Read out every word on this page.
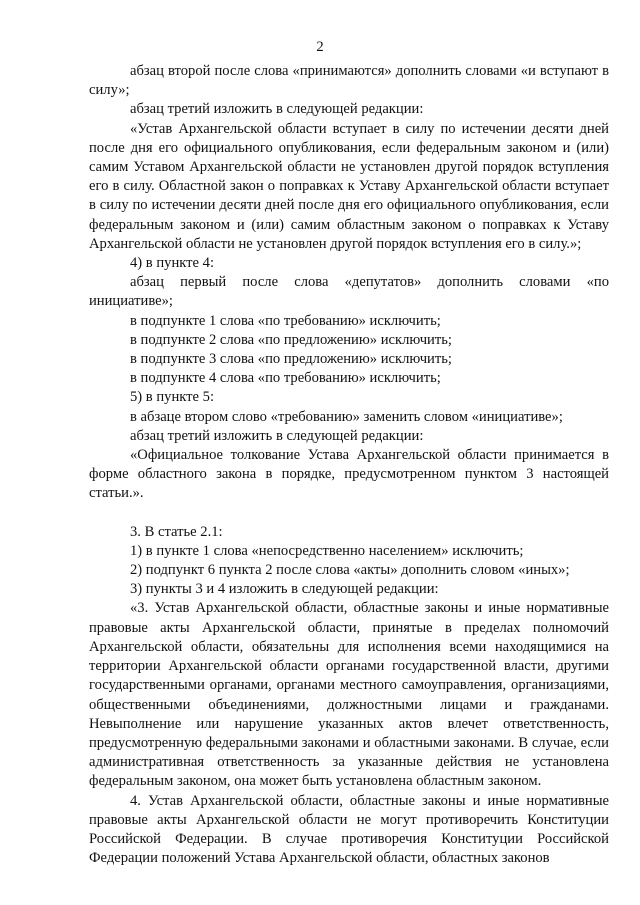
2

абзац второй после слова «принимаются» дополнить словами «и вступают в силу»;

абзац третий изложить в следующей редакции:

«Устав Архангельской области вступает в силу по истечении десяти дней после дня его официального опубликования, если федеральным законом и (или) самим Уставом Архангельской области не установлен другой порядок вступления его в силу. Областной закон о поправках к Уставу Архангельской области вступает в силу по истечении десяти дней после дня его официального опубликования, если федеральным законом и (или) самим областным законом о поправках к Уставу Архангельской области не установлен другой порядок вступления его в силу.»;

4) в пункте 4:

абзац первый после слова «депутатов» дополнить словами «по инициативе»;

в подпункте 1 слова «по требованию» исключить;

в подпункте 2 слова «по предложению» исключить;

в подпункте 3 слова «по предложению» исключить;

в подпункте 4 слова «по требованию» исключить;

5) в пункте 5:

в абзаце втором слово «требованию» заменить словом «инициативе»;

абзац третий изложить в следующей редакции:

«Официальное толкование Устава Архангельской области принимается в форме областного закона в порядке, предусмотренном пунктом 3 настоящей статьи.».

3. В статье 2.1:

1) в пункте 1 слова «непосредственно населением» исключить;

2) подпункт 6 пункта 2 после слова «акты» дополнить словом «иных»;

3) пункты 3 и 4 изложить в следующей редакции:

«3. Устав Архангельской области, областные законы и иные нормативные правовые акты Архангельской области, принятые в пределах полномочий Архангельской области, обязательны для исполнения всеми находящимися на территории Архангельской области органами государственной власти, другими государственными органами, органами местного самоуправления, организациями, общественными объединениями, должностными лицами и гражданами. Невыполнение или нарушение указанных актов влечет ответственность, предусмотренную федеральными законами и областными законами. В случае, если административная ответственность за указанные действия не установлена федеральным законом, она может быть установлена областным законом.

4. Устав Архангельской области, областные законы и иные нормативные правовые акты Архангельской области не могут противоречить Конституции Российской Федерации. В случае противоречия Конституции Российской Федерации положений Устава Архангельской области, областных законов
